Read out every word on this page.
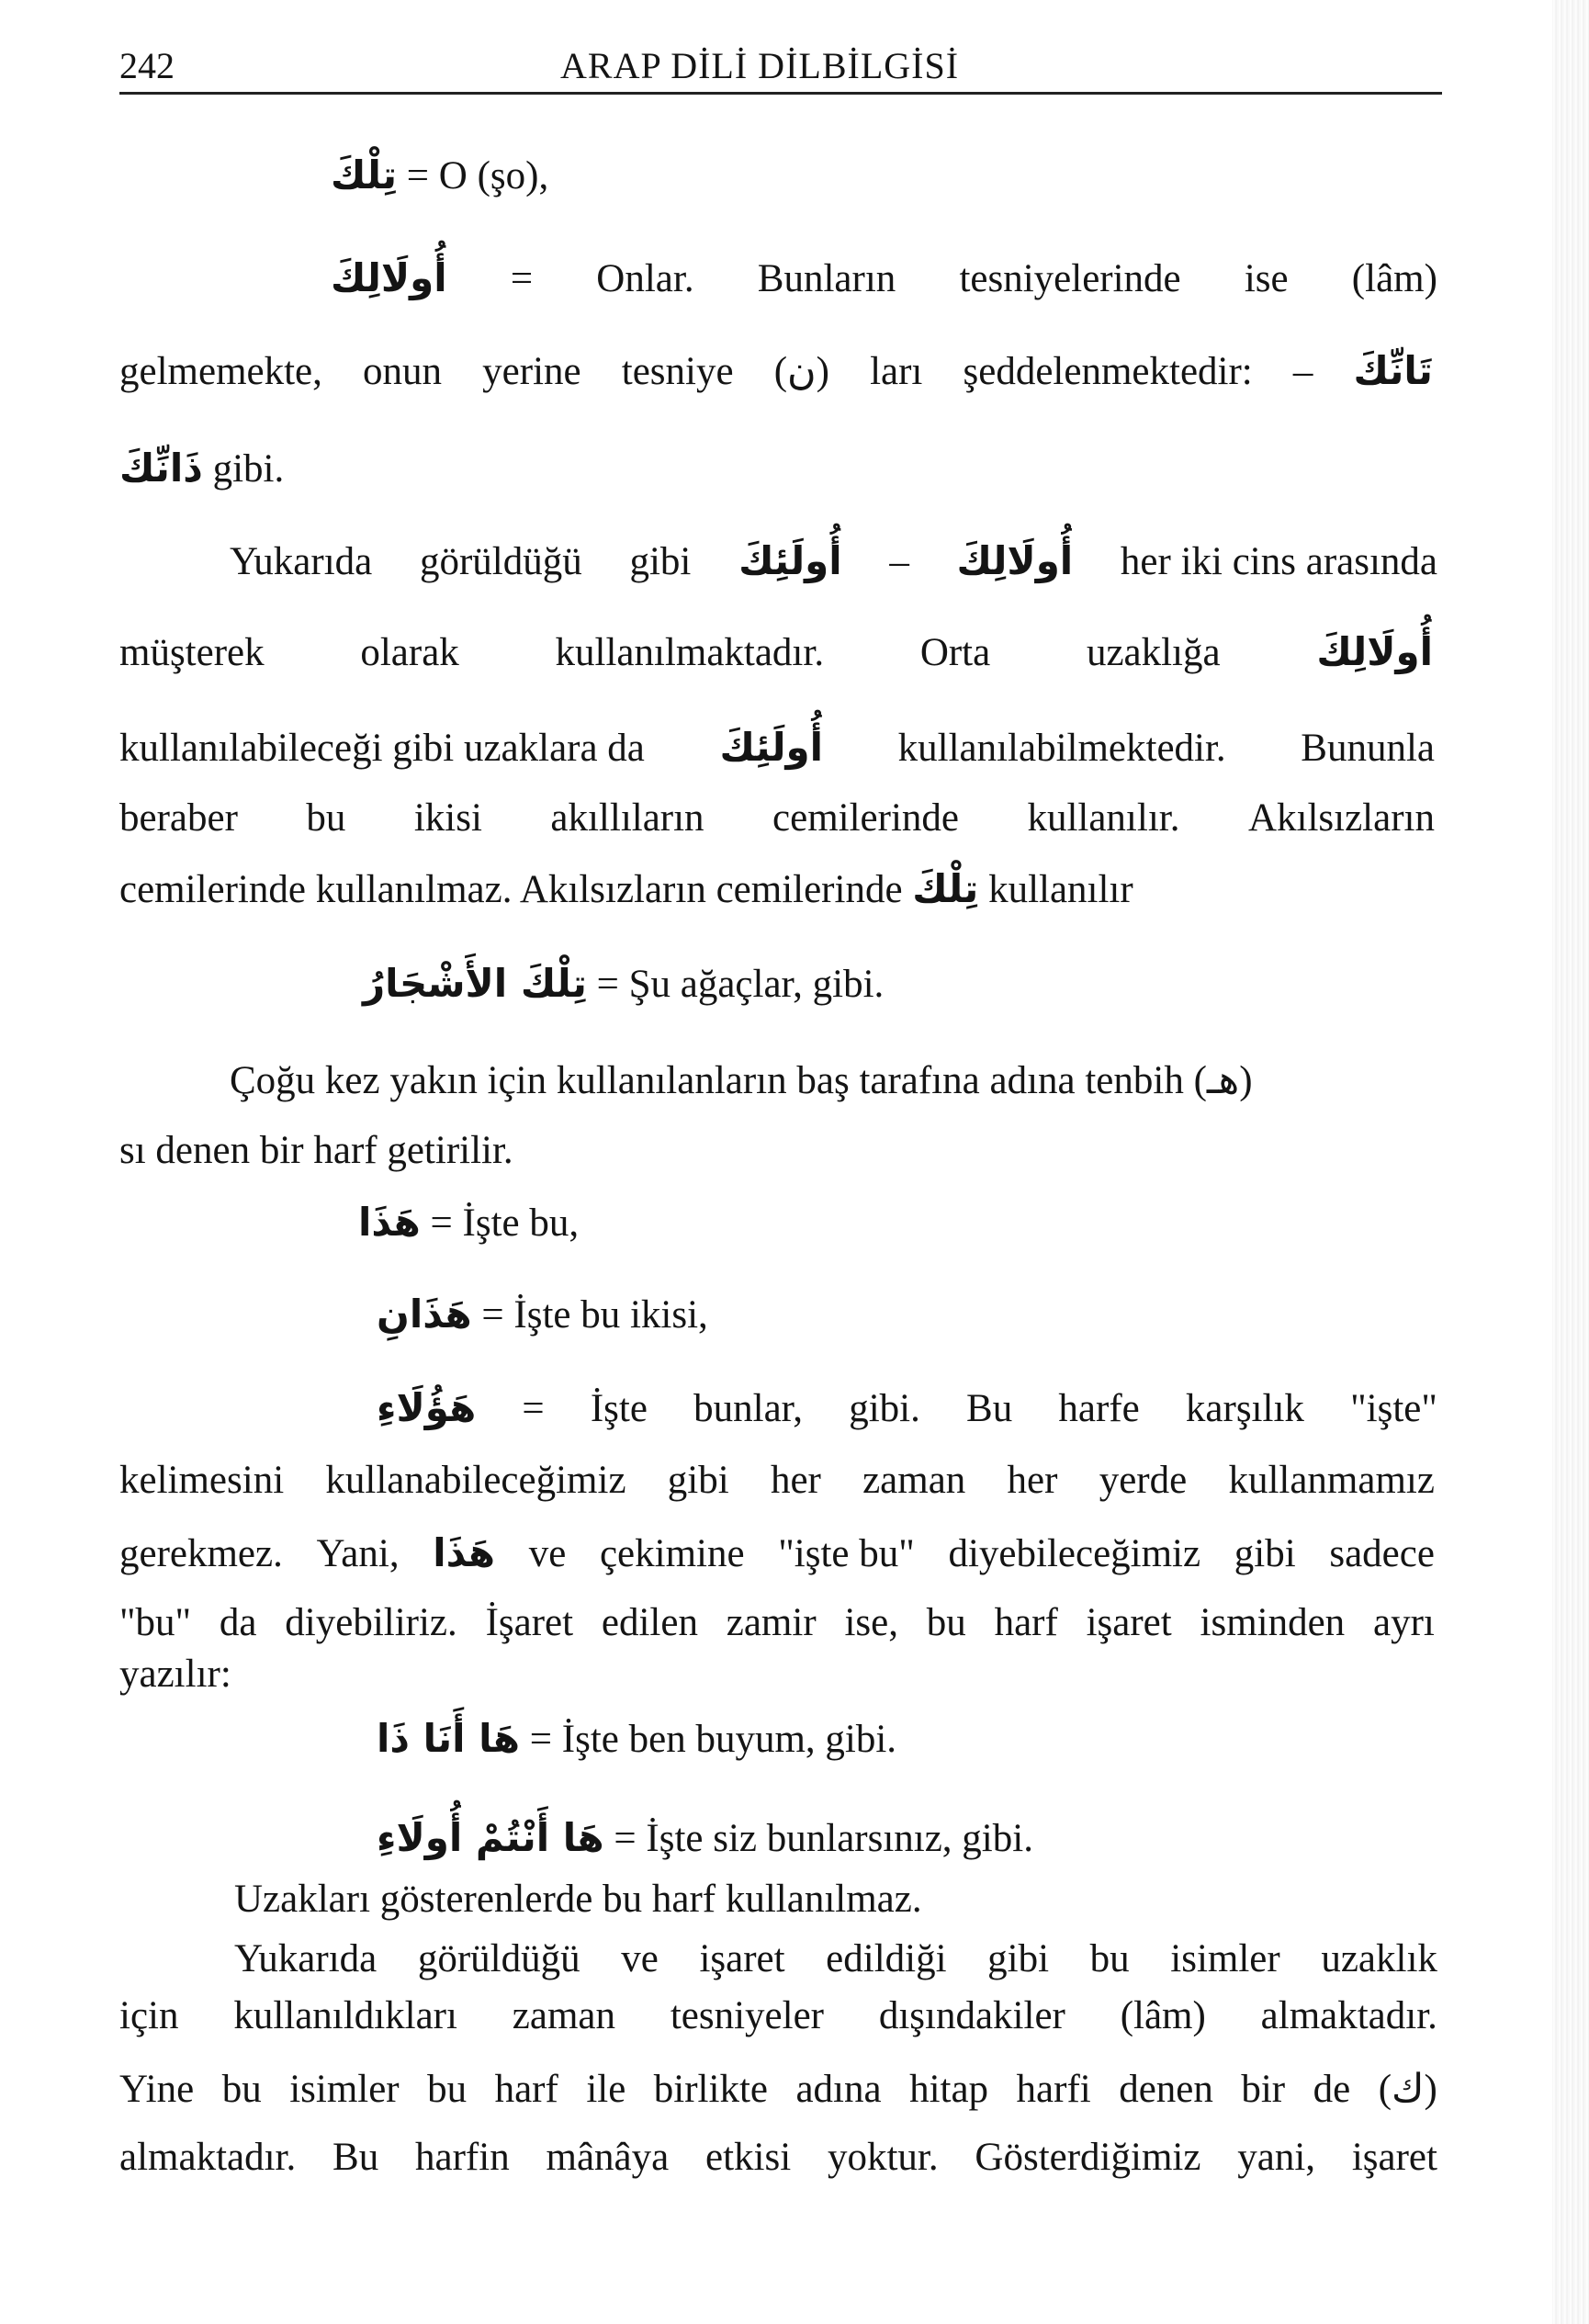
242	ARAP DİLİ DİLBİLGİSİ
تِلْكَ = O (şo),
أُولَالِكَ = Onlar. Bunların tesniyelerinde ise (lâm)
gelmemekte, onun yerine tesniye (ن) ları şeddelenmektedir: – تَانِّكَ
ذَانِّكَ gibi.
Yukarıda görüldüğü gibi أُولَئِكَ – أُولَالِكَ her iki cins arasında
müşterek olarak kullanılmaktadır. Orta uzaklığa أُولَالِكَ
kullanılabileceği gibi uzaklara da أُولَئِكَ kullanılabilmektedir. Bununla
beraber bu ikisi akıllıların cemilerinde kullanılır. Akılsızların
cemilerinde kullanılmaz. Akılsızların cemilerinde تِلْكَ kullanılır
تِلْكَ الأَشْجَارُ = Şu ağaçlar, gibi.
Çoğu kez yakın için kullanılanların baş tarafına adına tenbih (هـ)
sı denen bir harf getirilir.
هَذَا = İşte bu,
هَذَانِ = İşte bu ikisi,
هَؤُلَاءِ = İşte bunlar, gibi. Bu harfe karşılık "işte"
kelimesini kullanabileceğimiz gibi her zaman her yerde kullanmamız
gerekmez. Yani, هَذَا ve çekimine "işte bu" diyebileceğimiz gibi sadece
"bu" da diyebiliriz. İşaret edilen zamir ise, bu harf işaret isminden ayrı
yazılır:
هَا أَنَا ذَا = İşte ben buyum, gibi.
هَا أَنْتُمْ أُولَاءِ = İşte siz bunlarsınız, gibi.
Uzakları gösterenlerde bu harf kullanılmaz.
Yukarıda görüldüğü ve işaret edildiği gibi bu isimler uzaklık
için kullanıldıkları zaman tesniyeler dışındakiler (lâm) almaktadır.
Yine bu isimler bu harf ile birlikte adına hitap harfi denen bir de (ك)
almaktadır. Bu harfin mânâya etkisi yoktur. Gösterdiğimiz yani, işaret
